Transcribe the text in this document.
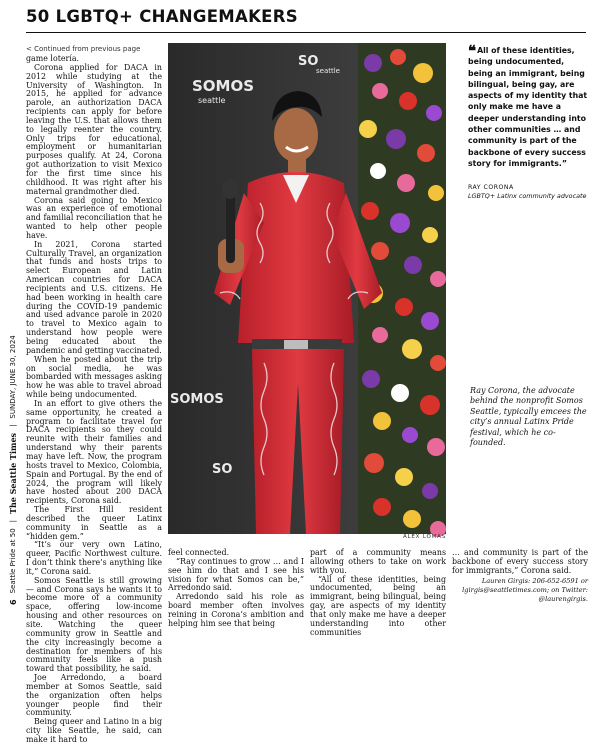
50 LGBTQ+ CHANGEMAKERS
< Continued from previous page
6
Seattle Pride at 50
|
The Seattle Times
|
SUNDAY, JUNE 30, 2024

game lotería.

Corona applied for DACA in 2012 while studying at the University of Washington. In 2015, he applied for advance parole, an authorization DACA recipients can apply for before leaving the U.S. that allows them to legally reenter the country. Only trips for educational, employment or humanitarian purposes qualify. At 24, Corona got authorization to visit Mexico for the first time since his childhood. It was right after his maternal grandmother died.

Corona said going to Mexico was an experience of emotional and familial reconciliation that he wanted to help other people have.

In 2021, Corona started Culturally Travel, an organization that funds and hosts trips to select European and Latin American countries for DACA recipients and U.S. citizens. He had been working in health care during the COVID-19 pandemic and used advance parole in 2020 to travel to Mexico again to understand how people were being educated about the pandemic and getting vaccinated.

When he posted about the trip on social media, he was bombarded with messages asking how he was able to travel abroad while being undocumented.

In an effort to give others the same opportunity, he created a program to facilitate travel for DACA recipients so they could reunite with their families and understand why their parents may have left. Now, the program hosts travel to Mexico, Colombia, Spain and Portugal. By the end of 2024, the program will likely have hosted about 200 DACA recipients, Corona said.

The First Hill resident described the queer Latinx community in Seattle as a “hidden gem.”

“It’s our very own Latino, queer, Pacific Northwest culture. I don’t think there’s anything like it,” Corona said.

Somos Seattle is still growing — and Corona says he wants it to become more of a community space, offering low-income housing and other resources on site. Watching the queer community grow in Seattle and the city increasingly become a destination for members of his community feels like a push toward that possibility, he said.

Joe Arredondo, a board member at Somos Seattle, said the organization often helps younger people find their community.

Being queer and Latino in a big city like Seattle, he said, can make it hard to

SOMOS
seattle
SO
seattle
SOMOS
SO
ALEX LOMAS
❝All of these identities, being undocumented, being an immigrant, being bilingual, being gay, are aspects of my identity that only make me have a deeper understanding into other communities … and community is part of the backbone of every success story for immigrants.”
RAY CORONA
LGBTQ+ Latinx community advocate
Ray Corona, the advocate behind the nonprofit Somos Seattle, typically emcees the city’s annual Latinx Pride festival, which he co-founded.

feel connected.

“Ray continues to grow … and I see him do that and I see his vision for what Somos can be,” Arredondo said.

Arredondo said his role as board member often involves reining in Corona’s ambition and helping him see that being

part of a community means allowing others to take on work with you.

“All of these identities, being undocumented, being an immigrant, being bilingual, being gay, are aspects of my identity that only make me have a deeper understanding into other communities

… and community is part of the backbone of every success story for immigrants,” Corona said.

Lauren Girgis: 206-652-6591 or
lgirgis@seattletimes.com; on Twitter:
@laurengirgis.
